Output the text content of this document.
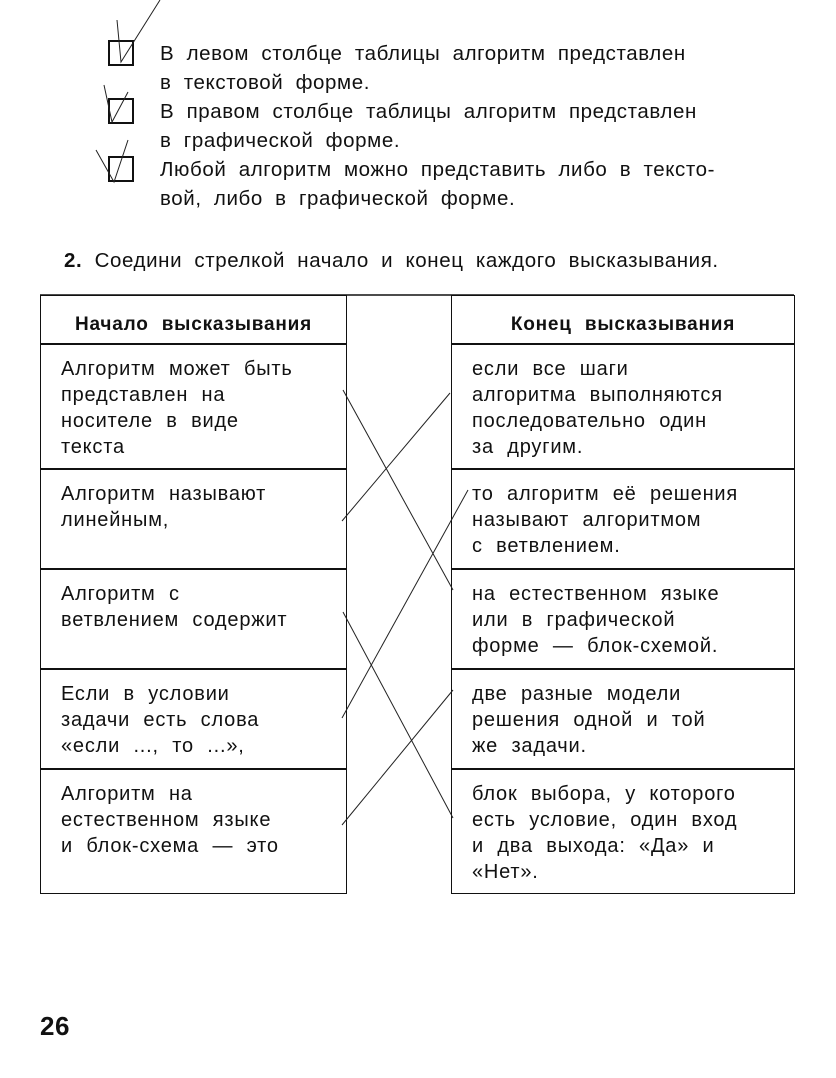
В левом столбце таблицы алгоритм представлен
в текстовой форме.
В правом столбце таблицы алгоритм представлен
в графической форме.
Любой алгоритм можно представить либо в тексто-
вой, либо в графической форме.
2. Соедини стрелкой начало и конец каждого высказывания.
Начало высказывания	Конец высказывания
Алгоритм может быть
представлен на
носителе в виде
текста
Алгоритм называют
линейным,
Алгоритм с
ветвлением содержит
Если в условии
задачи есть слова
«если ..., то ...»,
Алгоритм на
естественном языке
и блок-схема — это
если все шаги
алгоритма выполняются
последовательно один
за другим.
то алгоритм её решения
называют алгоритмом
с ветвлением.
на естественном языке
или в графической
форме — блок-схемой.
две разные модели
решения одной и той
же задачи.
блок выбора, у которого
есть условие, один вход
и два выхода: «Да» и
«Нет».
26
